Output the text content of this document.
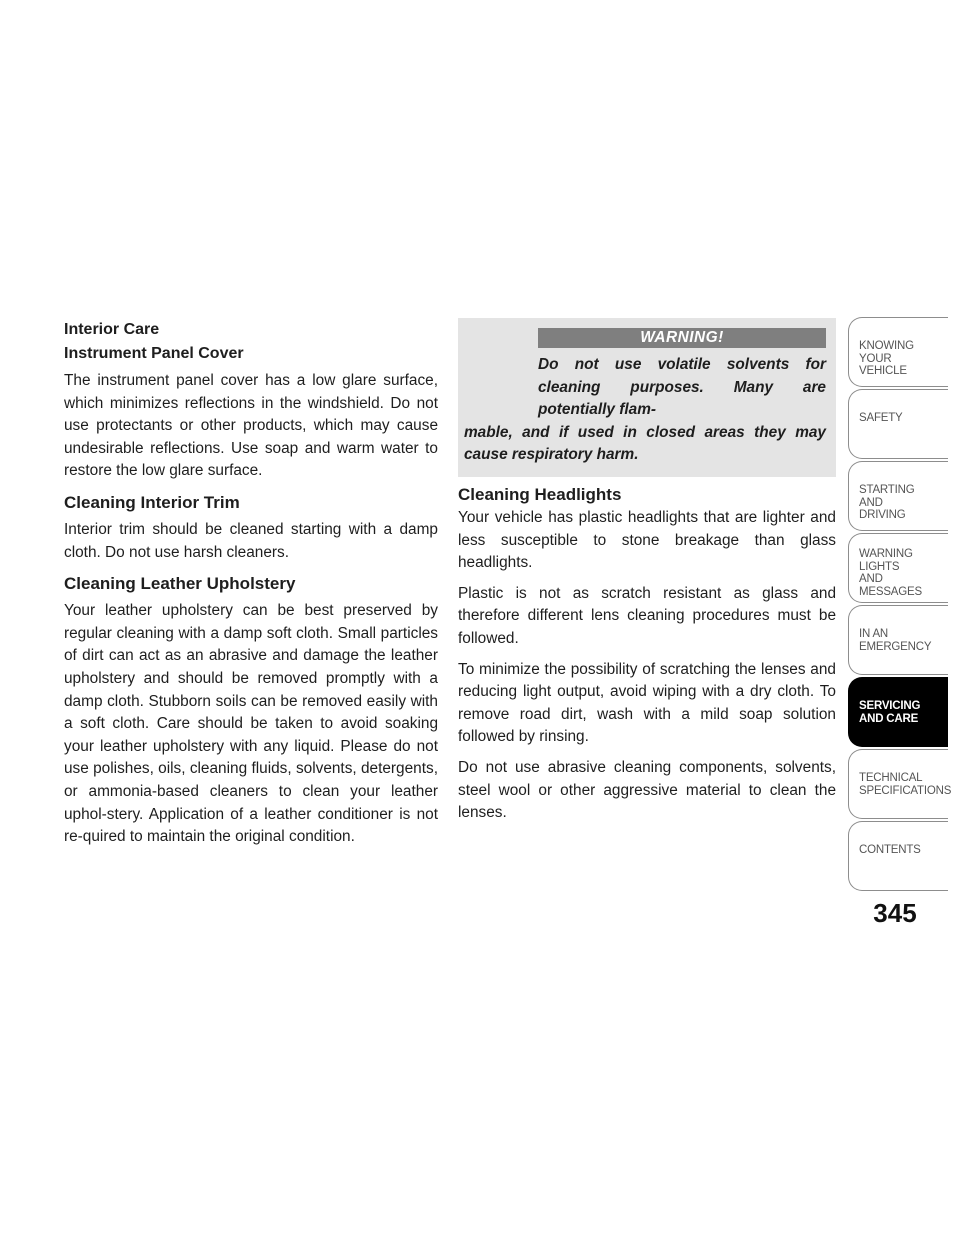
Interior Care
Instrument Panel Cover

The instrument panel cover has a low glare surface, which minimizes reflections in the windshield. Do not use protectants or other products, which may cause undesirable reflections. Use soap and warm water to restore the low glare surface.

Cleaning Interior Trim

Interior trim should be cleaned starting with a damp cloth. Do not use harsh cleaners.

Cleaning Leather Upholstery

Your leather upholstery can be best preserved by regular cleaning with a damp soft cloth. Small particles of dirt can act as an abrasive and damage the leather upholstery and should be removed promptly with a damp cloth. Stubborn soils can be removed easily with a soft cloth. Care should be taken to avoid soaking your leather upholstery with any liquid. Please do not use polishes, oils, cleaning fluids, solvents, detergents, or ammonia-based cleaners to clean your leather uphol-stery. Application of a leather conditioner is not re-quired to maintain the original condition.

WARNING!
Do not use volatile solvents for cleaning purposes. Many are potentially flam-
mable, and if used in closed areas they may cause respiratory harm.
Cleaning Headlights

Your vehicle has plastic headlights that are lighter and less susceptible to stone breakage than glass headlights.

Plastic is not as scratch resistant as glass and therefore different lens cleaning procedures must be followed.

To minimize the possibility of scratching the lenses and reducing light output, avoid wiping with a dry cloth. To remove road dirt, wash with a mild soap solution followed by rinsing.

Do not use abrasive cleaning components, solvents, steel wool or other aggressive material to clean the lenses.

KNOWING
YOUR
VEHICLE
SAFETY
STARTING
AND
DRIVING
WARNING
LIGHTS
AND
MESSAGES
IN AN
EMERGENCY
SERVICING
AND CARE
TECHNICAL
SPECIFICATIONS
CONTENTS
345
